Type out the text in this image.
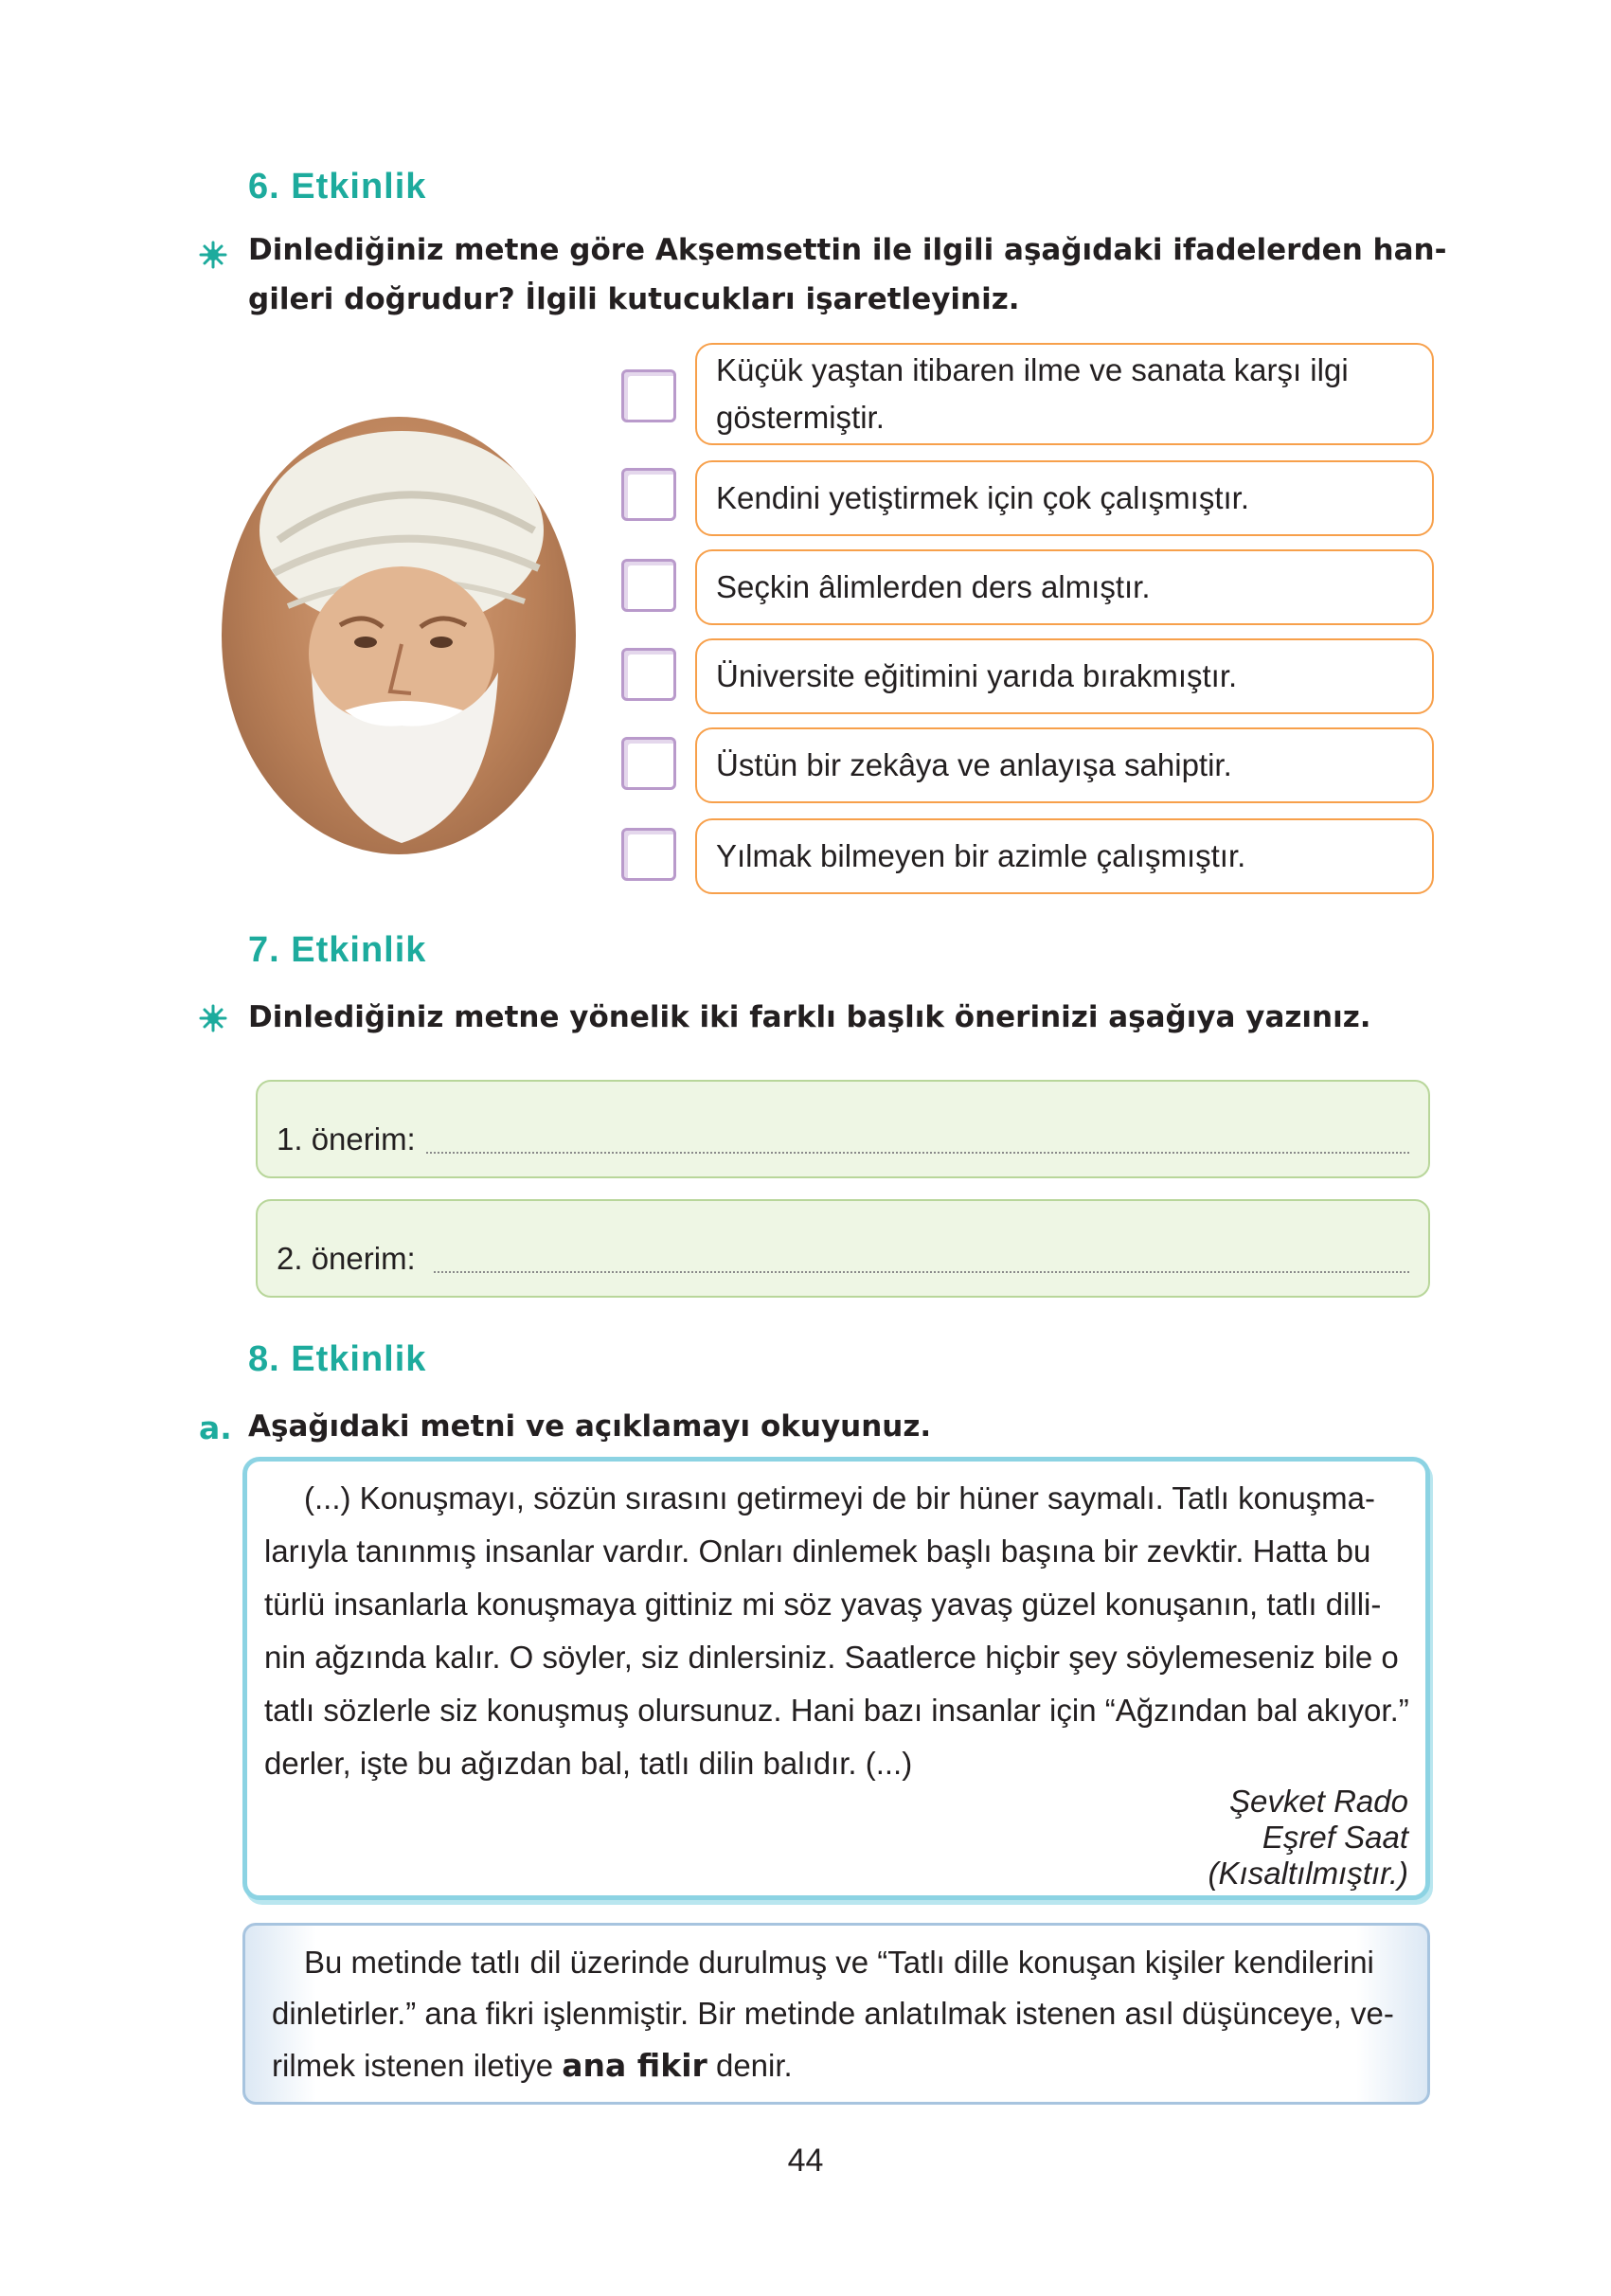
6. Etkinlik
Dinlediğiniz metne göre Akşemsettin ile ilgili aşağıdaki ifadelerden han-
gileri doğrudur? İlgili kutucukları işaretleyiniz.
Küçük yaştan itibaren ilme ve sanata karşı ilgi
göstermiştir.
Kendini yetiştirmek için çok çalışmıştır.
Seçkin âlimlerden ders almıştır.
Üniversite eğitimini yarıda bırakmıştır.
Üstün bir zekâya ve anlayışa sahiptir.
Yılmak bilmeyen bir azimle çalışmıştır.
7. Etkinlik
Dinlediğiniz metne yönelik iki farklı başlık önerinizi aşağıya yazınız.
1. önerim:
2. önerim:
8. Etkinlik
a. Aşağıdaki metni ve açıklamayı okuyunuz.
(...) Konuşmayı, sözün sırasını getirmeyi de bir hüner saymalı. Tatlı konuşma-
larıyla tanınmış insanlar vardır. Onları dinlemek başlı başına bir zevktir. Hatta bu
türlü insanlarla konuşmaya gittiniz mi söz yavaş yavaş güzel konuşanın, tatlı dilli-
nin ağzında kalır. O söyler, siz dinlersiniz. Saatlerce hiçbir şey söylemeseniz bile o
tatlı sözlerle siz konuşmuş olursunuz. Hani bazı insanlar için “Ağzından bal akıyor.”
derler, işte bu ağızdan bal, tatlı dilin balıdır. (...)
Şevket Rado
Eşref Saat
(Kısaltılmıştır.)
Bu metinde tatlı dil üzerinde durulmuş ve “Tatlı dille konuşan kişiler kendilerini
dinletirler.” ana fikri işlenmiştir. Bir metinde anlatılmak istenen asıl düşünceye, ve-
rilmek istenen iletiye ana fikir denir.
44
